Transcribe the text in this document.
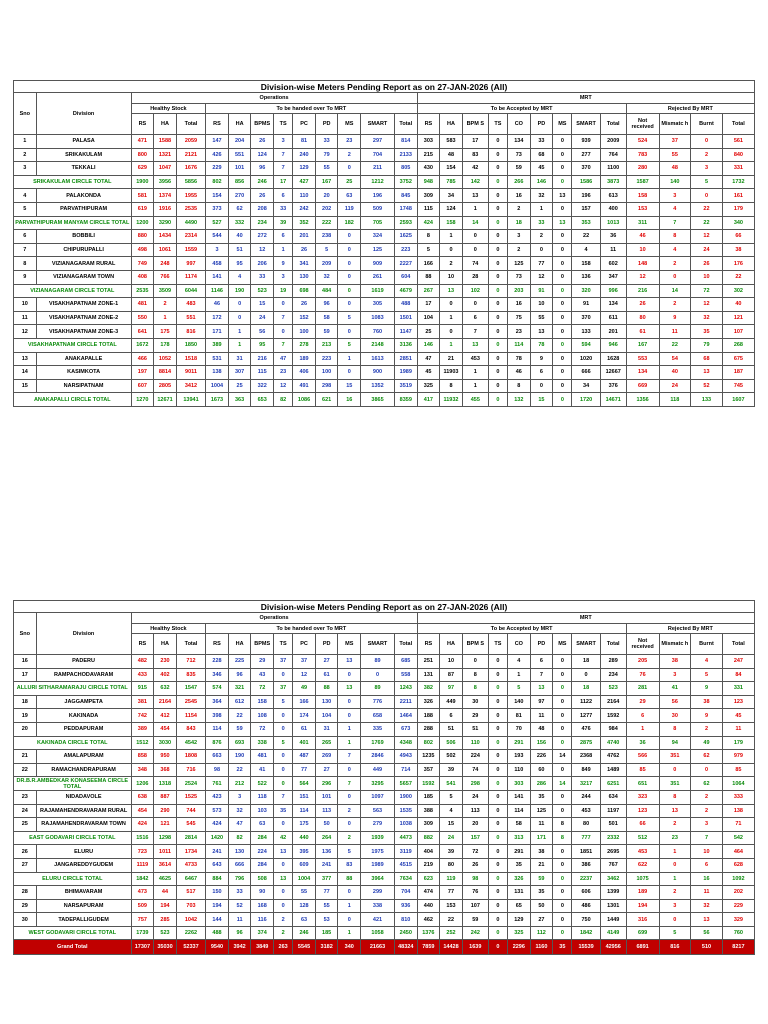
Division-wise Meters Pending Report as on 27-JAN-2026 (All)																										
Sno	Division	Operations												MRT												
		Healthy Stock			To be handed over To MRT									To be Accepted by MRT									Rejected By MRT			
		RS	HA	Total	RS	HA	BPMS	TS	PC	PD	MS	SMART	Total	RS	HA	BPM S	TS	CO	PD	MS	SMART	Total	Not received	Mismatc h	Burnt	Total
1	PALASA	471	1588	2059	147	204	26	3	81	33	23	297	814	303	583	17	0	134	33	0	939	2009	524	37	0	561
2	SRIKAKULAM	800	1321	2121	426	551	124	7	240	79	2	704	2133	215	48	83	0	73	68	0	277	764	783	55	2	840
3	TEKKALI	629	1047	1676	229	101	96	7	129	55	0	211	805	430	154	42	0	59	45	0	370	1100	280	48	3	331
SRIKAKULAM CIRCLE TOTAL		1900	3956	5856	802	856	246	17	427	167	25	1212	3752	948	785	142	0	266	146	0	1586	3873	1587	140	5	1732
4	PALAKONDA	581	1374	1955	154	270	26	6	110	20	63	196	845	309	34	13	0	16	32	13	196	613	158	3	0	161
5	PARVATHIPURAM	619	1916	2535	373	62	208	33	242	202	119	509	1748	115	124	1	0	2	1	0	157	400	153	4	22	179
PARVATHIPURAM MANYAM CIRCLE TOTAL		1200	3290	4490	527	332	234	39	352	222	182	705	2593	424	158	14	0	18	33	13	353	1013	311	7	22	340
6	BOBBILI	880	1434	2314	544	40	272	6	201	238	0	324	1625	8	1	0	0	3	2	0	22	36	46	8	12	66
7	CHIPURUPALLI	498	1061	1559	3	51	12	1	26	5	0	125	223	5	0	0	0	2	0	0	4	11	10	4	24	38
8	VIZIANAGARAM RURAL	749	248	997	458	95	206	9	341	209	0	909	2227	166	2	74	0	125	77	0	158	602	148	2	26	176
9	VIZIANAGARAM TOWN	408	766	1174	141	4	33	3	130	32	0	261	604	88	10	28	0	73	12	0	136	347	12	0	10	22
VIZIANAGARAM CIRCLE TOTAL		2535	3509	6044	1146	190	523	19	698	484	0	1619	4679	267	13	102	0	203	91	0	320	996	216	14	72	302
10	VISAKHAPATNAM ZONE-1	481	2	483	46	0	15	0	26	96	0	305	488	17	0	0	0	16	10	0	91	134	26	2	12	40
11	VISAKHAPATNAM ZONE-2	550	1	551	172	0	24	7	152	58	5	1083	1501	104	1	6	0	75	55	0	370	611	80	9	32	121
12	VISAKHAPATNAM ZONE-3	641	175	816	171	1	56	0	100	59	0	760	1147	25	0	7	0	23	13	0	133	201	61	11	35	107
VISAKHAPATNAM CIRCLE TOTAL		1672	178	1850	389	1	95	7	278	213	5	2148	3136	146	1	13	0	114	78	0	594	946	167	22	79	268
13	ANAKAPALLE	466	1052	1518	531	31	216	47	189	223	1	1613	2851	47	21	453	0	78	9	0	1020	1628	553	54	68	675
14	KASIMKOTA	197	8814	9011	138	307	115	23	406	100	0	900	1989	45	11903	1	0	46	6	0	666	12667	134	40	13	187
15	NARSIPATNAM	607	2805	3412	1004	25	322	12	491	298	15	1352	3519	325	8	1	0	8	0	0	34	376	669	24	52	745
ANAKAPALLI CIRCLE TOTAL		1270	12671	13941	1673	363	653	82	1086	621	16	3865	8359	417	11932	455	0	132	15	0	1720	14671	1356	118	133	1607
Division-wise Meters Pending Report as on 27-JAN-2026 (All)																										
Sno	Division	Operations												MRT												
		Healthy Stock			To be handed over To MRT									To be Accepted by MRT									Rejected By MRT			
		RS	HA	Total	RS	HA	BPMS	TS	PC	PD	MS	SMART	Total	RS	HA	BPM S	TS	CO	PD	MS	SMART	Total	Not received	Mismatc h	Burnt	Total
16	PADERU	482	230	712	228	225	29	37	37	27	13	89	685	251	10	0	0	4	6	0	18	289	205	38	4	247
17	RAMPACHODAVARAM	433	402	835	346	96	43	0	12	61	0	0	558	131	87	8	0	1	7	0	0	234	76	3	5	84
ALLURI SITHARAMARAJU CIRCLE TOTAL		915	632	1547	574	321	72	37	49	88	13	89	1243	382	97	8	0	5	13	0	18	523	281	41	9	331
18	JAGGAMPETA	381	2164	2545	364	612	158	5	166	130	0	776	2211	326	449	30	0	140	97	0	1122	2164	29	56	38	123
19	KAKINADA	742	412	1154	398	22	108	0	174	104	0	658	1464	188	6	29	0	81	11	0	1277	1592	6	30	9	45
20	PEDDAPURAM	389	454	843	114	59	72	0	61	31	1	335	673	288	51	51	0	70	48	0	476	984	1	8	2	11
KAKINADA CIRCLE TOTAL		1512	3030	4542	876	693	338	5	401	265	1	1769	4348	802	506	110	0	291	156	0	2875	4740	36	94	49	179
21	AMALAPURAM	858	950	1808	663	190	481	0	487	269	7	2846	4943	1235	502	224	0	193	226	14	2368	4762	566	351	62	979
22	RAMACHANDRAPURAM	348	368	716	98	22	41	0	77	27	0	449	714	357	39	74	0	110	60	0	849	1489	85	0	0	85
DR.B.R.AMBEDKAR KONASEEMA CIRCLE TOTAL		1206	1318	2524	761	212	522	0	564	296	7	3295	5657	1592	541	298	0	303	286	14	3217	6251	651	351	62	1064
23	NIDADAVOLE	638	887	1525	423	3	118	7	151	101	0	1097	1900	185	5	24	0	141	35	0	244	634	323	8	2	333
24	RAJAMAHENDRAVARAM RURAL	454	290	744	573	32	103	35	114	113	2	563	1535	388	4	113	0	114	125	0	453	1197	123	13	2	138
25	RAJAMAHENDRAVARAM TOWN	424	121	545	424	47	63	0	175	50	0	279	1038	309	15	20	0	58	11	8	80	501	66	2	3	71
EAST GODAVARI CIRCLE TOTAL		1516	1298	2814	1420	82	284	42	440	264	2	1939	4473	882	24	157	0	313	171	8	777	2332	512	23	7	542
26	ELURU	723	1011	1734	241	130	224	13	395	136	5	1975	3119	404	39	72	0	291	38	0	1851	2695	453	1	10	464
27	JANGAREDDYGUDEM	1119	3614	4733	643	666	284	0	609	241	83	1989	4515	219	80	26	0	35	21	0	386	767	622	0	6	628
ELURU CIRCLE TOTAL		1842	4625	6467	884	796	508	13	1004	377	88	3964	7634	623	119	98	0	326	59	0	2237	3462	1075	1	16	1092
28	BHIMAVARAM	473	44	517	150	33	90	0	55	77	0	299	704	474	77	76	0	131	35	0	606	1399	189	2	11	202
29	NARSAPURAM	509	194	703	194	52	168	0	128	55	1	338	936	440	153	107	0	65	50	0	486	1301	194	3	32	229
30	TADEPALLIGUDEM	757	285	1042	144	11	116	2	63	53	0	421	810	462	22	59	0	129	27	0	750	1449	316	0	13	329
WEST GODAVARI CIRCLE TOTAL		1739	523	2262	488	96	374	2	246	185	1	1058	2450	1376	252	242	0	325	112	0	1842	4149	699	5	56	760
Grand Total		17307	35030	52337	9540	3942	3849	263	5545	3182	340	21663	48324	7859	14428	1639	0	2296	1160	35	15539	42956	6891	816	510	8217
